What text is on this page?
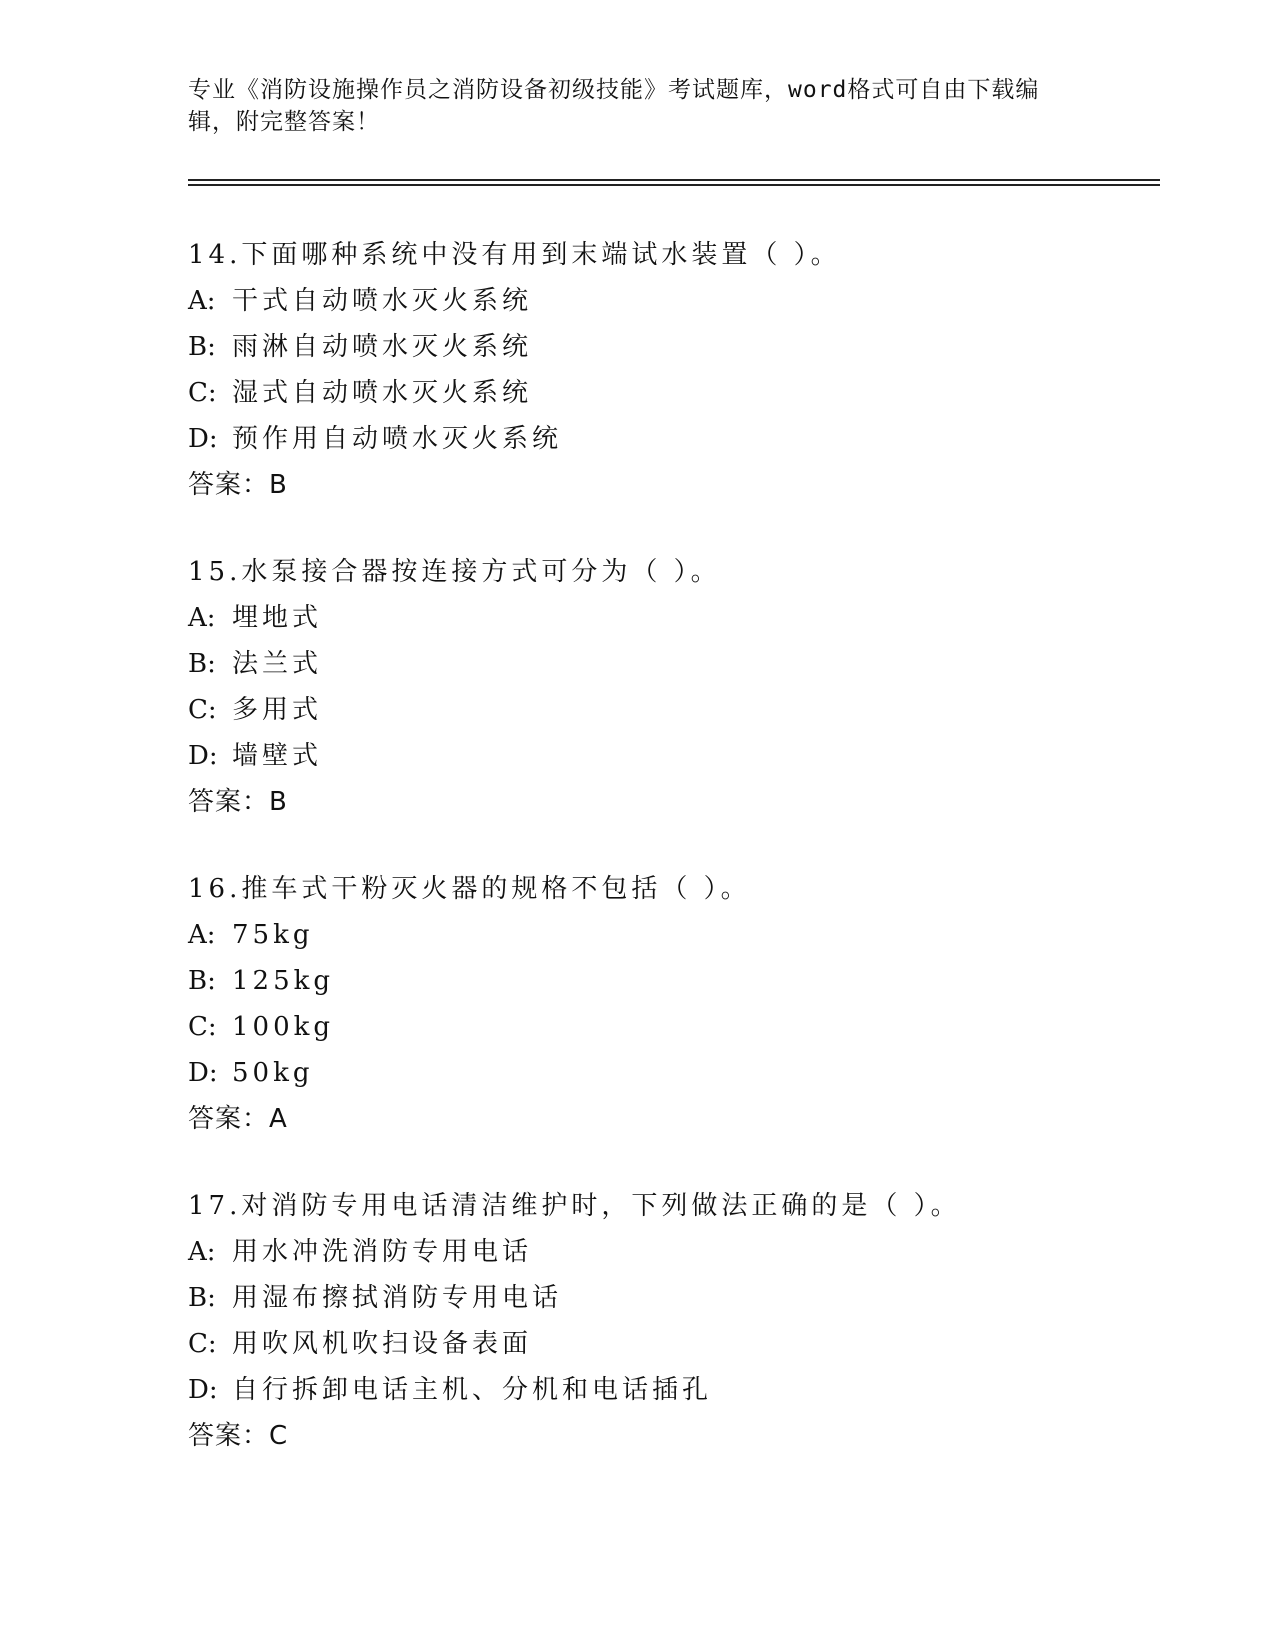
专业《消防设施操作员之消防设备初级技能》考试题库，word格式可自由下载编
辑，附完整答案！
14.下面哪种系统中没有用到末端试水装置（ ）。
A: 干式自动喷水灭火系统
B: 雨淋自动喷水灭火系统
C: 湿式自动喷水灭火系统
D: 预作用自动喷水灭火系统
答案：B
15.水泵接合器按连接方式可分为（ ）。
A: 埋地式
B: 法兰式
C: 多用式
D: 墙壁式
答案：B
16.推车式干粉灭火器的规格不包括（ ）。
A: 75kg
B: 125kg
C: 100kg
D: 50kg
答案：A
17.对消防专用电话清洁维护时，下列做法正确的是（ ）。
A: 用水冲洗消防专用电话
B: 用湿布擦拭消防专用电话
C: 用吹风机吹扫设备表面
D: 自行拆卸电话主机、分机和电话插孔
答案：C
